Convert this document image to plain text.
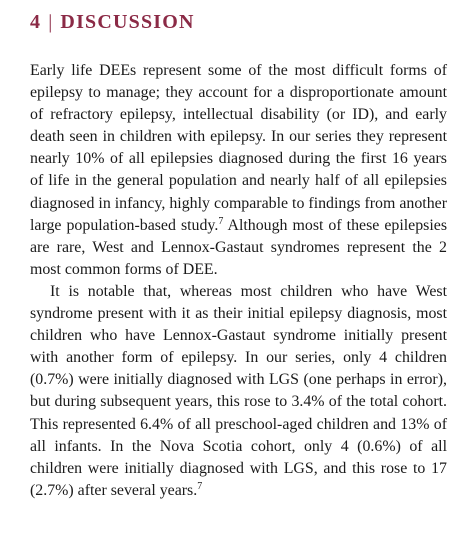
4 | DISCUSSION

Early life DEEs represent some of the most difficult forms of epilepsy to manage; they account for a disproportionate amount of refractory epilepsy, intellectual disability (or ID), and early death seen in children with epilepsy. In our series they represent nearly 10% of all epilepsies diagnosed during the first 16 years of life in the general population and nearly half of all epilepsies diagnosed in infancy, highly comparable to findings from another large population-based study.$^7$ Although most of these epilepsies are rare, West and Lennox-Gastaut syndromes represent the 2 most common forms of DEE.

It is notable that, whereas most children who have West syndrome present with it as their initial epilepsy diagnosis, most children who have Lennox-Gastaut syndrome initially present with another form of epilepsy. In our series, only 4 children (0.7%) were initially diagnosed with LGS (one perhaps in error), but during subsequent years, this rose to 3.4% of the total cohort. This represented 6.4% of all preschool-aged children and 13% of all infants. In the Nova Scotia cohort, only 4 (0.6%) of all children were initially diagnosed with LGS, and this rose to 17 (2.7%) after several years.$^7$
